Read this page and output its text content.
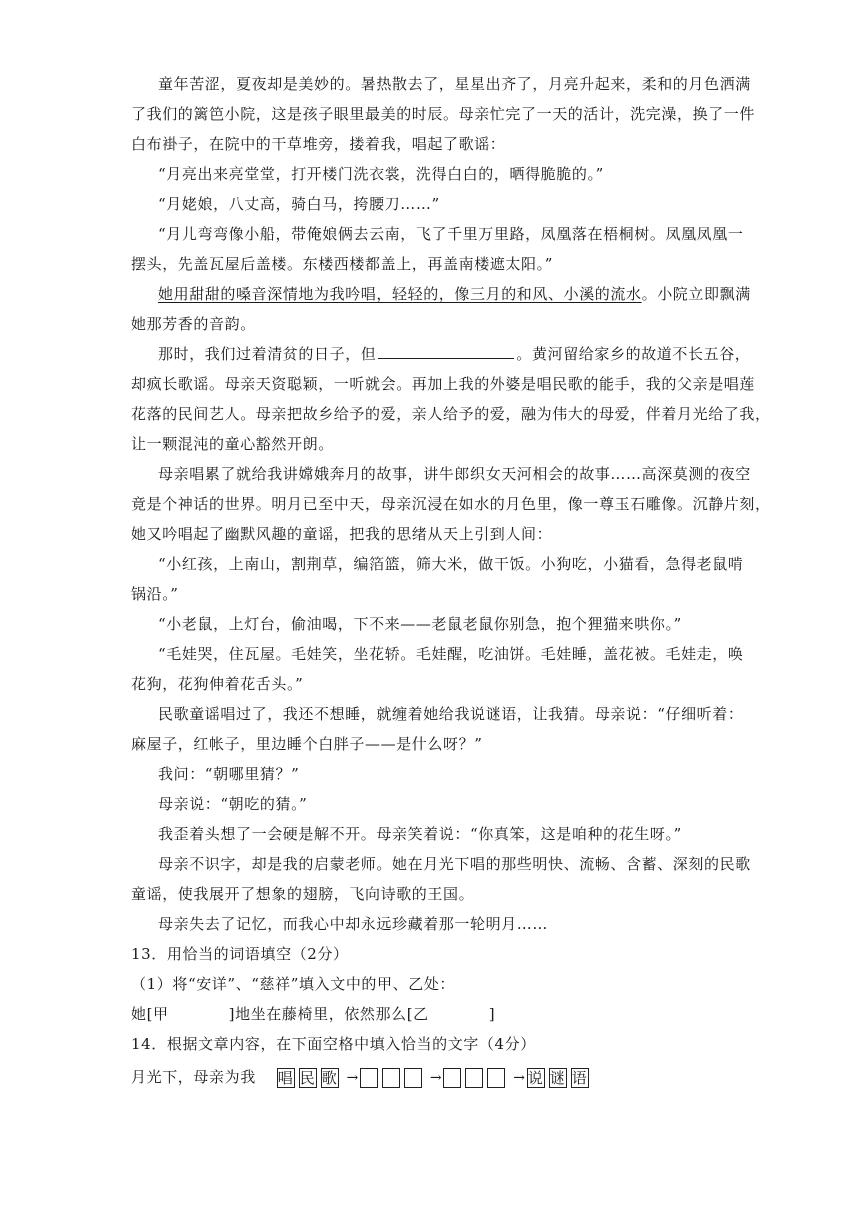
童年苦涩，夏夜却是美妙的。暑热散去了，星星出齐了，月亮升起来，柔和的月色洒满
了我们的篱笆小院，这是孩子眼里最美的时辰。母亲忙完了一天的活计，洗完澡，换了一件
白布褂子，在院中的干草堆旁，搂着我，唱起了歌谣：
“月亮出来亮堂堂，打开楼门洗衣裳，洗得白白的，晒得脆脆的。”
“月姥娘，八丈高，骑白马，挎腰刀……”
“月儿弯弯像小船，带俺娘俩去云南，飞了千里万里路，凤凰落在梧桐树。凤凰凤凰一
摆头，先盖瓦屋后盖楼。东楼西楼都盖上，再盖南楼遮太阳。”
她用甜甜的嗓音深情地为我吟唱，轻轻的，像三月的和风、小溪的流水。小院立即飘满
她那芳香的音韵。
那时，我们过着清贫的日子，但	。黄河留给家乡的故道不长五谷，
却疯长歌谣。母亲天资聪颖，一听就会。再加上我的外婆是唱民歌的能手，我的父亲是唱莲
花落的民间艺人。母亲把故乡给予的爱，亲人给予的爱，融为伟大的母爱，伴着月光给了我，
让一颗混沌的童心豁然开朗。
母亲唱累了就给我讲嫦娥奔月的故事，讲牛郎织女天河相会的故事……高深莫测的夜空
竟是个神话的世界。明月已至中天，母亲沉浸在如水的月色里，像一尊玉石雕像。沉静片刻，
她又吟唱起了幽默风趣的童谣，把我的思绪从天上引到人间：
“小红孩，上南山，割荆草，编箔篮，筛大米，做干饭。小狗吃，小猫看，急得老鼠啃
锅沿。”
“小老鼠，上灯台，偷油喝，下不来——老鼠老鼠你别急，抱个狸猫来哄你。”
“毛娃哭，住瓦屋。毛娃笑，坐花轿。毛娃醒，吃油饼。毛娃睡，盖花被。毛娃走，唤
花狗，花狗伸着花舌头。”
民歌童谣唱过了，我还不想睡，就缠着她给我说谜语，让我猜。母亲说：“仔细听着：
麻屋子，红帐子，里边睡个白胖子——是什么呀？”
我问：“朝哪里猜？”
母亲说：“朝吃的猜。”
我歪着头想了一会硬是解不开。母亲笑着说：“你真笨，这是咱种的花生呀。”
母亲不识字，却是我的启蒙老师。她在月光下唱的那些明快、流畅、含蓄、深刻的民歌
童谣，使我展开了想象的翅膀，飞向诗歌的王国。
母亲失去了记忆，而我心中却永远珍藏着那一轮明月……
13．用恰当的词语填空（2分）
（1）将“安详”、“慈祥”填入文中的甲、乙处：
她[甲	]地坐在藤椅里，依然那么[乙	]
14．根据文章内容，在下面空格中填入恰当的文字（4分）
月光下，母亲为我 唱 民 歌 →	→	→ 说 谜 语
